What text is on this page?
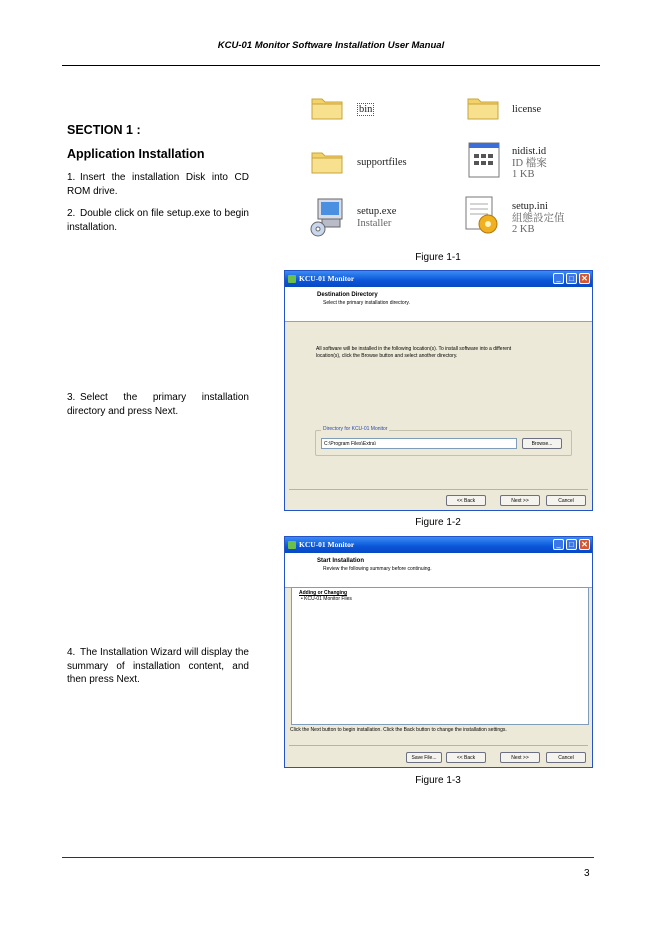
KCU-01 Monitor Software Installation User Manual
SECTION 1 :
Application Installation
1. Insert the installation Disk into CD ROM drive.
2. Double click on file setup.exe to begin installation.
3. Select the primary installation directory and press Next.
4. The Installation Wizard will display the summary of installation content, and then press Next.
bin	license
supportfiles
nidist.id
ID 檔案
1 KB
setup.exe
Installer
setup.ini
組態設定值
2 KB
Figure 1-1
KCU-01 Monitor	_	□ ✕
Destination Directory
Select the primary installation directory.
All software will be installed in the following location(s). To install software into a different location(s), click the Browse button and select another directory.
Directory for KCU-01 Monitor
C:\Program Files\Extra\	Browse...
<< Back	Next >>	Cancel
Figure 1-2
KCU-01 Monitor	_	□ ✕
Start Installation
Review the following summary before continuing.
Adding or Changing
• KCU-01 Monitor Files
Click the Next button to begin installation. Click the Back button to change the installation settings.
Save File...	<< Back	Next >>	Cancel
Figure 1-3
3
